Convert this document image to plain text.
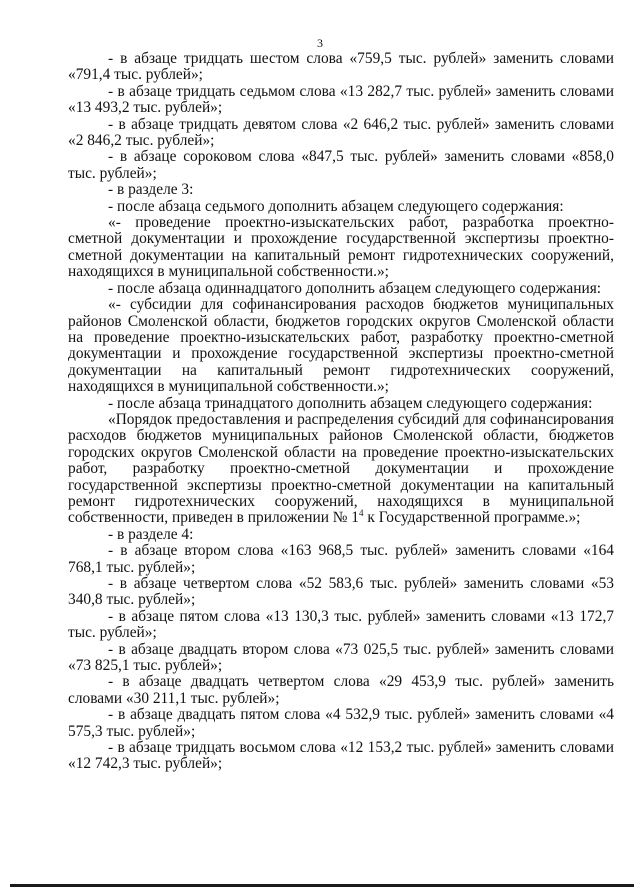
3

- в абзаце тридцать шестом слова «759,5 тыс. рублей» заменить словами «791,4 тыс. рублей»;

- в абзаце тридцать седьмом слова «13 282,7 тыс. рублей» заменить словами «13 493,2 тыс. рублей»;

- в абзаце тридцать девятом слова «2 646,2 тыс. рублей» заменить словами «2 846,2 тыс. рублей»;

- в абзаце сороковом слова «847,5 тыс. рублей» заменить словами «858,0 тыс. рублей»;

- в разделе 3:

- после абзаца седьмого дополнить абзацем следующего содержания:

«- проведение проектно-изыскательских работ, разработка проектно-сметной документации и прохождение государственной экспертизы проектно-сметной документации на капитальный ремонт гидротехнических сооружений, находящихся в муниципальной собственности.»;

- после абзаца одиннадцатого дополнить абзацем следующего содержания:

«- субсидии для софинансирования расходов бюджетов муниципальных районов Смоленской области, бюджетов городских округов Смоленской области на проведение проектно-изыскательских работ, разработку проектно-сметной документации и прохождение государственной экспертизы проектно-сметной документации на капитальный ремонт гидротехнических сооружений, находящихся в муниципальной собственности.»;

- после абзаца тринадцатого дополнить абзацем следующего содержания:

«Порядок предоставления и распределения субсидий для софинансирования расходов бюджетов муниципальных районов Смоленской области, бюджетов городских округов Смоленской области на проведение проектно-изыскательских работ, разработку проектно-сметной документации и прохождение государственной экспертизы проектно-сметной документации на капитальный ремонт гидротехнических сооружений, находящихся в муниципальной собственности, приведен в приложении № $1^4$ к Государственной программе.»;

- в разделе 4:

- в абзаце втором слова «163 968,5 тыс. рублей» заменить словами «164 768,1 тыс. рублей»;

- в абзаце четвертом слова «52 583,6 тыс. рублей» заменить словами «53 340,8 тыс. рублей»;

- в абзаце пятом слова «13 130,3 тыс. рублей» заменить словами «13 172,7 тыс. рублей»;

- в абзаце двадцать втором слова «73 025,5 тыс. рублей» заменить словами «73 825,1 тыс. рублей»;

- в абзаце двадцать четвертом слова «29 453,9 тыс. рублей» заменить словами «30 211,1 тыс. рублей»;

- в абзаце двадцать пятом слова «4 532,9 тыс. рублей» заменить словами «4 575,3 тыс. рублей»;

- в абзаце тридцать восьмом слова «12 153,2 тыс. рублей» заменить словами «12 742,3 тыс. рублей»;
